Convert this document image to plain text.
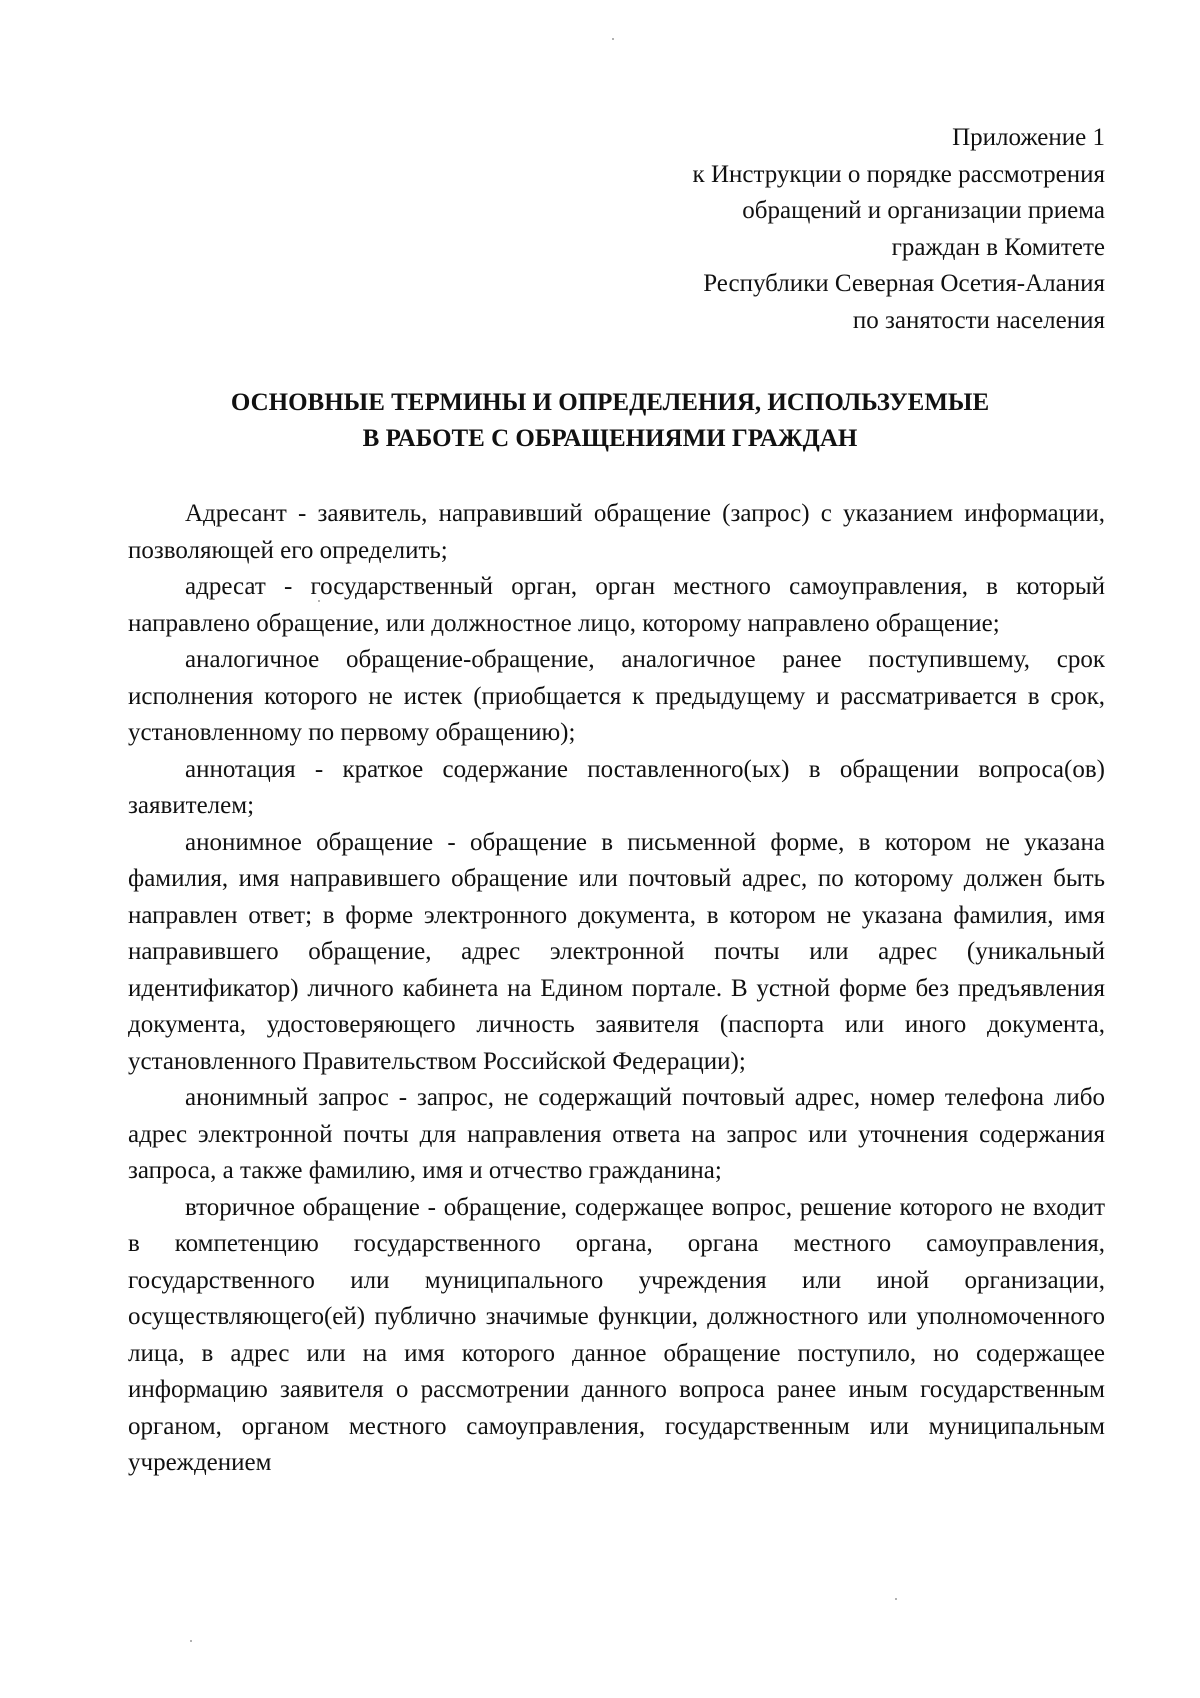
Приложение 1
к Инструкции о порядке рассмотрения
обращений и организации приема
граждан в Комитете
Республики Северная Осетия-Алания
по занятости населения
ОСНОВНЫЕ ТЕРМИНЫ И ОПРЕДЕЛЕНИЯ, ИСПОЛЬЗУЕМЫЕ
В РАБОТЕ С ОБРАЩЕНИЯМИ ГРАЖДАН

Адресант - заявитель, направивший обращение (запрос) с указанием информации, позволяющей его определить;

адресат - государственный орган, орган местного самоуправления, в который направлено обращение, или должностное лицо, которому направлено обращение;

аналогичное обращение-обращение, аналогичное ранее поступившему, срок исполнения которого не истек (приобщается к предыдущему и рассматривается в срок, установленному по первому обращению);

аннотация - краткое содержание поставленного(ых) в обращении вопроса(ов) заявителем;

анонимное обращение - обращение в письменной форме, в котором не указана фамилия, имя направившего обращение или почтовый адрес, по которому должен быть направлен ответ; в форме электронного документа, в котором не указана фамилия, имя направившего обращение, адрес электронной почты или адрес (уникальный идентификатор) личного кабинета на Едином портале. В устной форме без предъявления документа, удостоверяющего личность заявителя (паспорта или иного документа, установленного Правительством Российской Федерации);

анонимный запрос - запрос, не содержащий почтовый адрес, номер телефона либо адрес электронной почты для направления ответа на запрос или уточнения содержания запроса, а также фамилию, имя и отчество гражданина;

вторичное обращение - обращение, содержащее вопрос, решение которого не входит в компетенцию государственного органа, органа местного самоуправления, государственного или муниципального учреждения или иной организации, осуществляющего(ей) публично значимые функции, должностного или уполномоченного лица, в адрес или на имя которого данное обращение поступило, но содержащее информацию заявителя о рассмотрении данного вопроса ранее иным государственным органом, органом местного самоуправления, государственным или муниципальным учреждением
